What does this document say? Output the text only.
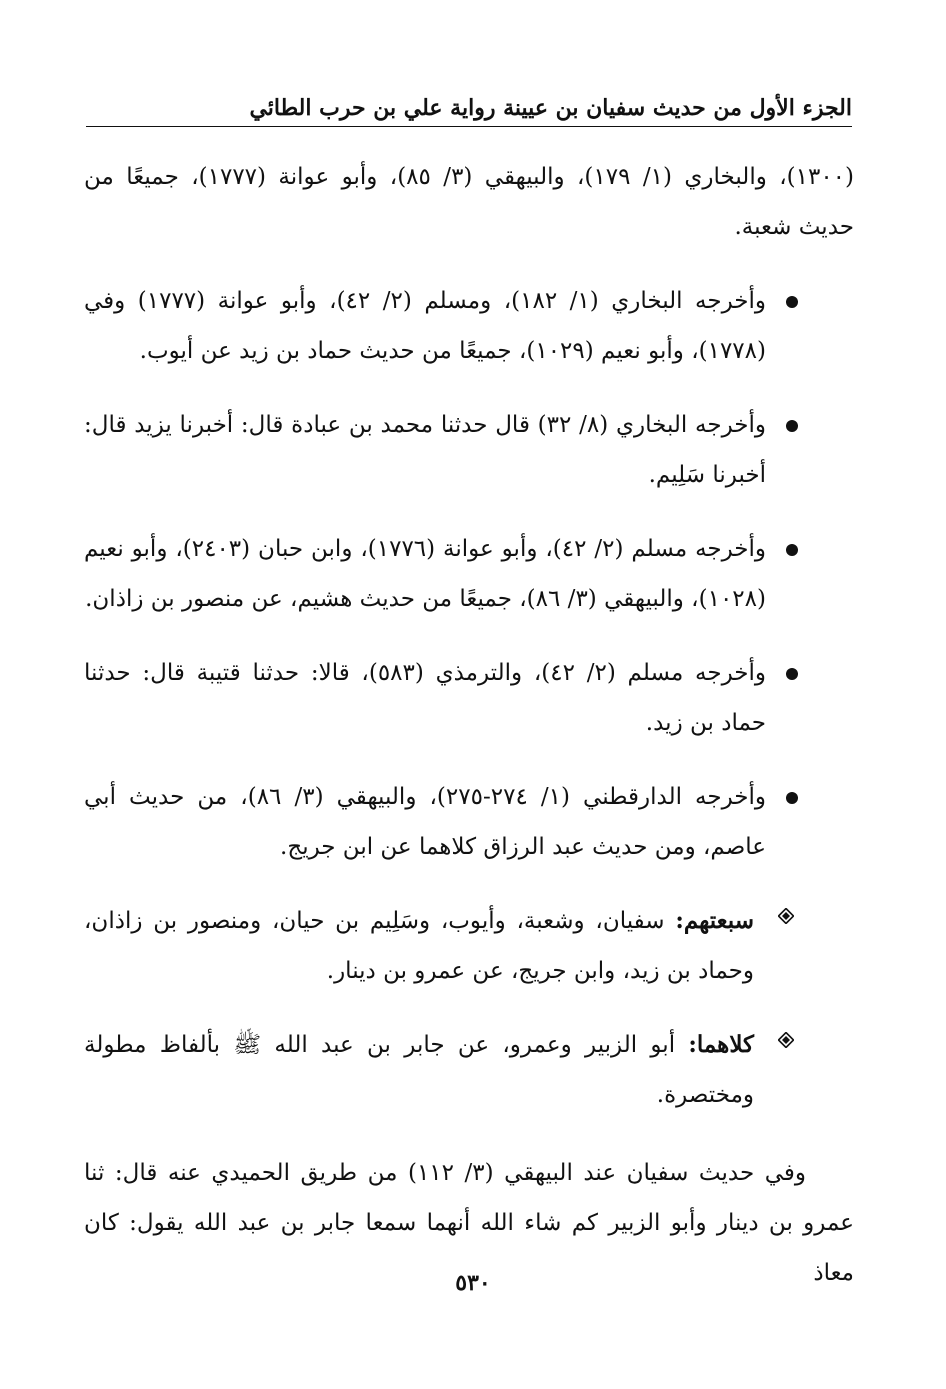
الجزء الأول من حديث سفيان بن عيينة رواية علي بن حرب الطائي

(١٣٠٠)، والبخاري (١/ ١٧٩)، والبيهقي (٣/ ٨٥)، وأبو عوانة (١٧٧٧)، جميعًا من حديث شعبة.

وأخرجه البخاري (١/ ١٨٢)، ومسلم (٢/ ٤٢)، وأبو عوانة (١٧٧٧) وفي (١٧٧٨)، وأبو نعيم (١٠٢٩)، جميعًا من حديث حماد بن زيد عن أيوب.
وأخرجه البخاري (٨/ ٣٢) قال حدثنا محمد بن عبادة قال: أخبرنا يزيد قال: أخبرنا سَلِيم.
وأخرجه مسلم (٢/ ٤٢)، وأبو عوانة (١٧٧٦)، وابن حبان (٢٤٠٣)، وأبو نعيم (١٠٢٨)، والبيهقي (٣/ ٨٦)، جميعًا من حديث هشيم، عن منصور بن زاذان.
وأخرجه مسلم (٢/ ٤٢)، والترمذي (٥٨٣)، قالا: حدثنا قتيبة قال: حدثنا حماد بن زيد.
وأخرجه الدارقطني (١/ ٢٧٤-٢٧٥)، والبيهقي (٣/ ٨٦)، من حديث أبي عاصم، ومن حديث عبد الرزاق كلاهما عن ابن جريج.
سبعتهم: سفيان، وشعبة، وأيوب، وسَلِيم بن حيان، ومنصور بن زاذان، وحماد بن زيد، وابن جريج، عن عمرو بن دينار.
كلاهما: أبو الزبير وعمرو، عن جابر بن عبد الله ﷺ بألفاظ مطولة ومختصرة.

وفي حديث سفيان عند البيهقي (٣/ ١١٢) من طريق الحميدي عنه قال: ثنا عمرو بن دينار وأبو الزبير كم شاء الله أنهما سمعا جابر بن عبد الله يقول: كان معاذ

٥٣٠
